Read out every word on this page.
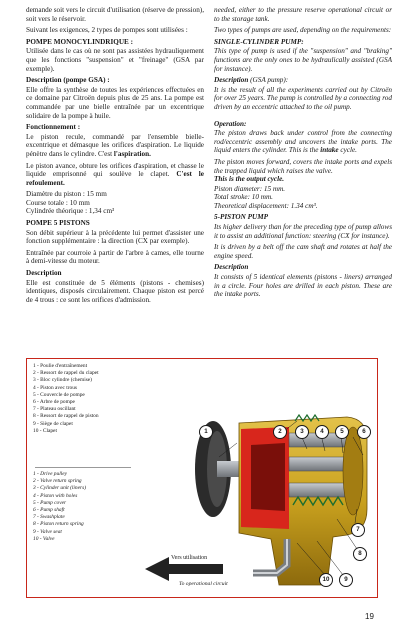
demande soit vers le circuit d'utilisation (réserve de pression), soit vers le réservoir.

Suivant les exigences, 2 types de pompes sont utilisées :

POMPE MONOCYLINDRIQUE :

Utilisée dans le cas où ne sont pas assistées hydrauliquement que les fonctions "suspension" et "freinage" (GSA par exemple).

Description (pompe GSA) :

Elle offre la synthèse de toutes les expériences effectuées en ce domaine par Citroën depuis plus de 25 ans. La pompe est commandée par une bielle entraînée par un excentrique solidaire de la pompe à huile.

Fonctionnement :

Le piston recule, commandé par l'ensemble bielle-excentrique et démasque les orifices d'aspiration. Le liquide pénètre dans le cylindre. C'est l'aspiration.

Le piston avance, obture les orifices d'aspiration, et chasse le liquide emprisonné qui soulève le clapet. C'est le refoulement.

Diamètre du piston : 15 mm
Course totale : 10 mm
Cylindrée théorique : 1,34 cm³
POMPE 5 PISTONS

Son débit supérieur à la précédente lui permet d'assister une fonction supplémentaire : la direction (CX par exemple).

Entraînée par courroie à partir de l'arbre à cames, elle tourne à demi-vitesse du moteur.

Description

Elle est constituée de 5 éléments (pistons - chemises) identiques, disposés circulairement. Chaque piston est percé de 4 trous : ce sont les orifices d'admission.

needed, either to the pressure reserve operational circuit or to the storage tank.

Two types of pumps are used, depending on the requirements:

SINGLE-CYLINDER PUMP:

This type of pump is used if the "suspension" and "braking" functions are the only ones to be hydraulically assisted (GSA for instance).

Description (GSA pump):

It is the result of all the experiments carried out by Citroën for over 25 years. The pump is controlled by a connecting rod driven by an eccentric attached to the oil pump.

Operation:

The piston draws back under control from the connecting rod/eccentric assembly and uncovers the intake ports. The liquid enters the cylinder. This is the intake cycle.

The piston moves forward, covers the intake ports and expels the trapped liquid which raises the valve.

This is the output cycle.
Piston diameter: 15 mm.
Total stroke: 10 mm.
Theoretical displacement: 1.34 cm³.
5-PISTON PUMP

Its higher delivery than for the preceding type of pump allows it to assist an additional function: steering (CX for instance).

It is driven by a belt off the cam shaft and rotates at half the engine speed.

Description

It consists of 5 identical elements (pistons - liners) arranged in a circle. Four holes are drilled in each piston. These are the intake ports.

1 - Poulie d'entraînement
2 - Ressort de rappel du clapet
3 - Bloc cylindre (chemise)
4 - Piston avec trous
5 - Couvercle de pompe
6 - Arbre de pompe
7 - Plateau oscillant
8 - Ressort de rappel de piston
9 - Siège de clapet
10 - Clapet
1 - Drive pulley
2 - Valve return spring
3 - Cylinder unit (liners)
4 - Piston with holes
5 - Pump cover
6 - Pump shaft
7 - Swashplate
8 - Piston return spring
9 - Valve seat
10 - Valve
1	2	3	4	5	6
7
8
9
10
Vers utilisation
To operational circuit
19
